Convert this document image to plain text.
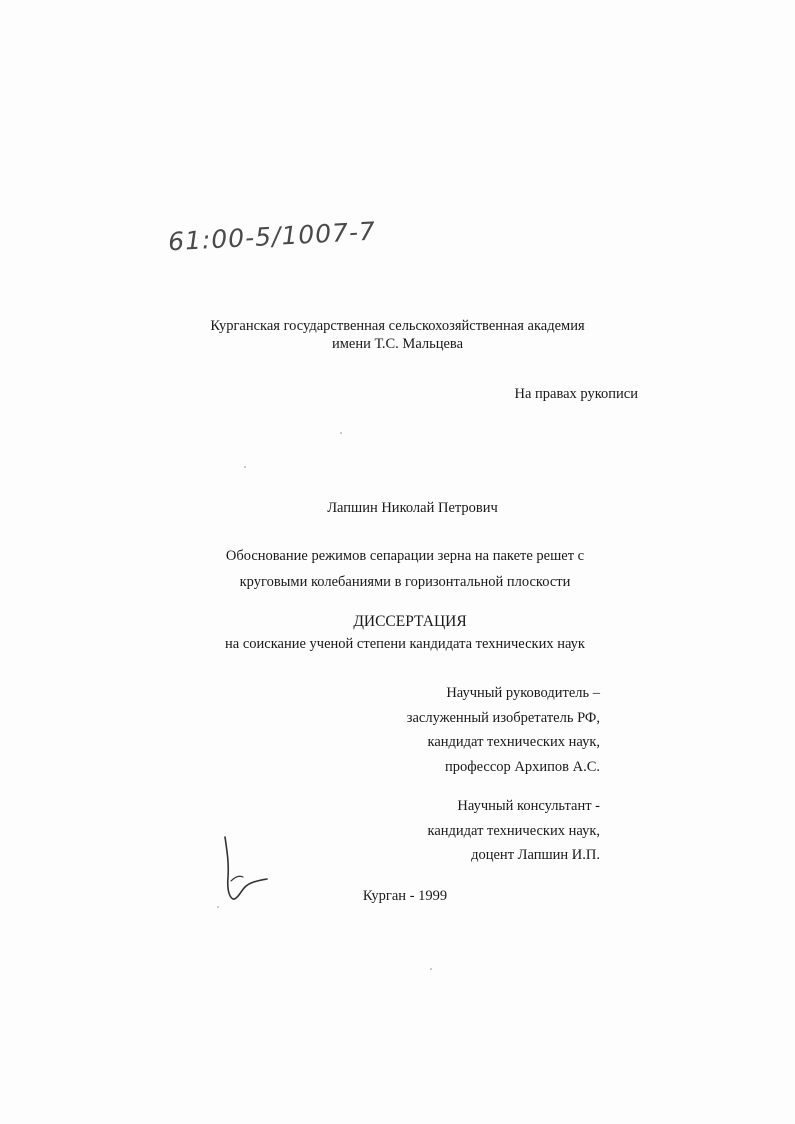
61:00-5/1007-7
Курганская государственная сельскохозяйственная академия
имени Т.С. Мальцева
На правах рукописи
Лапшин Николай Петрович
Обоснование режимов сепарации зерна на пакете решет с
круговыми колебаниями в горизонтальной плоскости
ДИССЕРТАЦИЯ
на соискание ученой степени кандидата технических наук
Научный руководитель –
заслуженный изобретатель РФ,
кандидат технических наук,
профессор Архипов А.С.
Научный консультант -
кандидат технических наук,
доцент Лапшин И.П.
Курган - 1999
